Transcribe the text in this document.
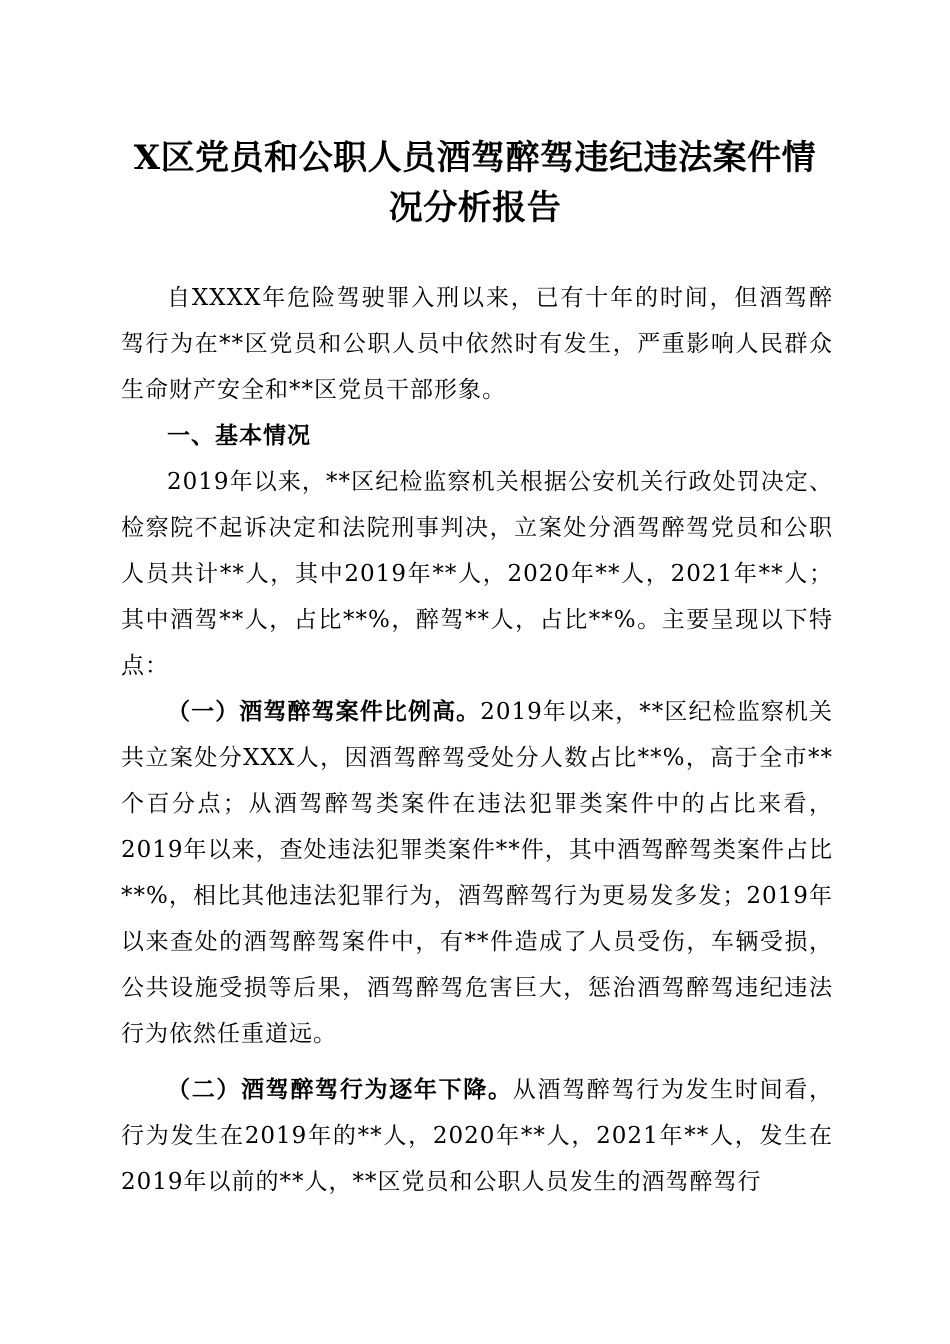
X区党员和公职人员酒驾醉驾违纪违法案件情
况分析报告

自XXXX年危险驾驶罪入刑以来，已有十年的时间，但酒驾醉驾行为在**区党员和公职人员中依然时有发生，严重影响人民群众生命财产安全和**区党员干部形象。

一、基本情况

2019年以来，**区纪检监察机关根据公安机关行政处罚决定、检察院不起诉决定和法院刑事判决，立案处分酒驾醉驾党员和公职人员共计**人，其中2019年**人，2020年**人，2021年**人；其中酒驾**人，占比**%，醉驾**人，占比**%。主要呈现以下特点：

（一）酒驾醉驾案件比例高。2019年以来，**区纪检监察机关共立案处分XXX人，因酒驾醉驾受处分人数占比**%，高于全市**个百分点；从酒驾醉驾类案件在违法犯罪类案件中的占比来看，2019年以来，查处违法犯罪类案件**件，其中酒驾醉驾类案件占比**%，相比其他违法犯罪行为，酒驾醉驾行为更易发多发；2019年以来查处的酒驾醉驾案件中，有**件造成了人员受伤，车辆受损，公共设施受损等后果，酒驾醉驾危害巨大，惩治酒驾醉驾违纪违法行为依然任重道远。

（二）酒驾醉驾行为逐年下降。从酒驾醉驾行为发生时间看，行为发生在2019年的**人，2020年**人，2021年**人，发生在2019年以前的**人，**区党员和公职人员发生的酒驾醉驾行
